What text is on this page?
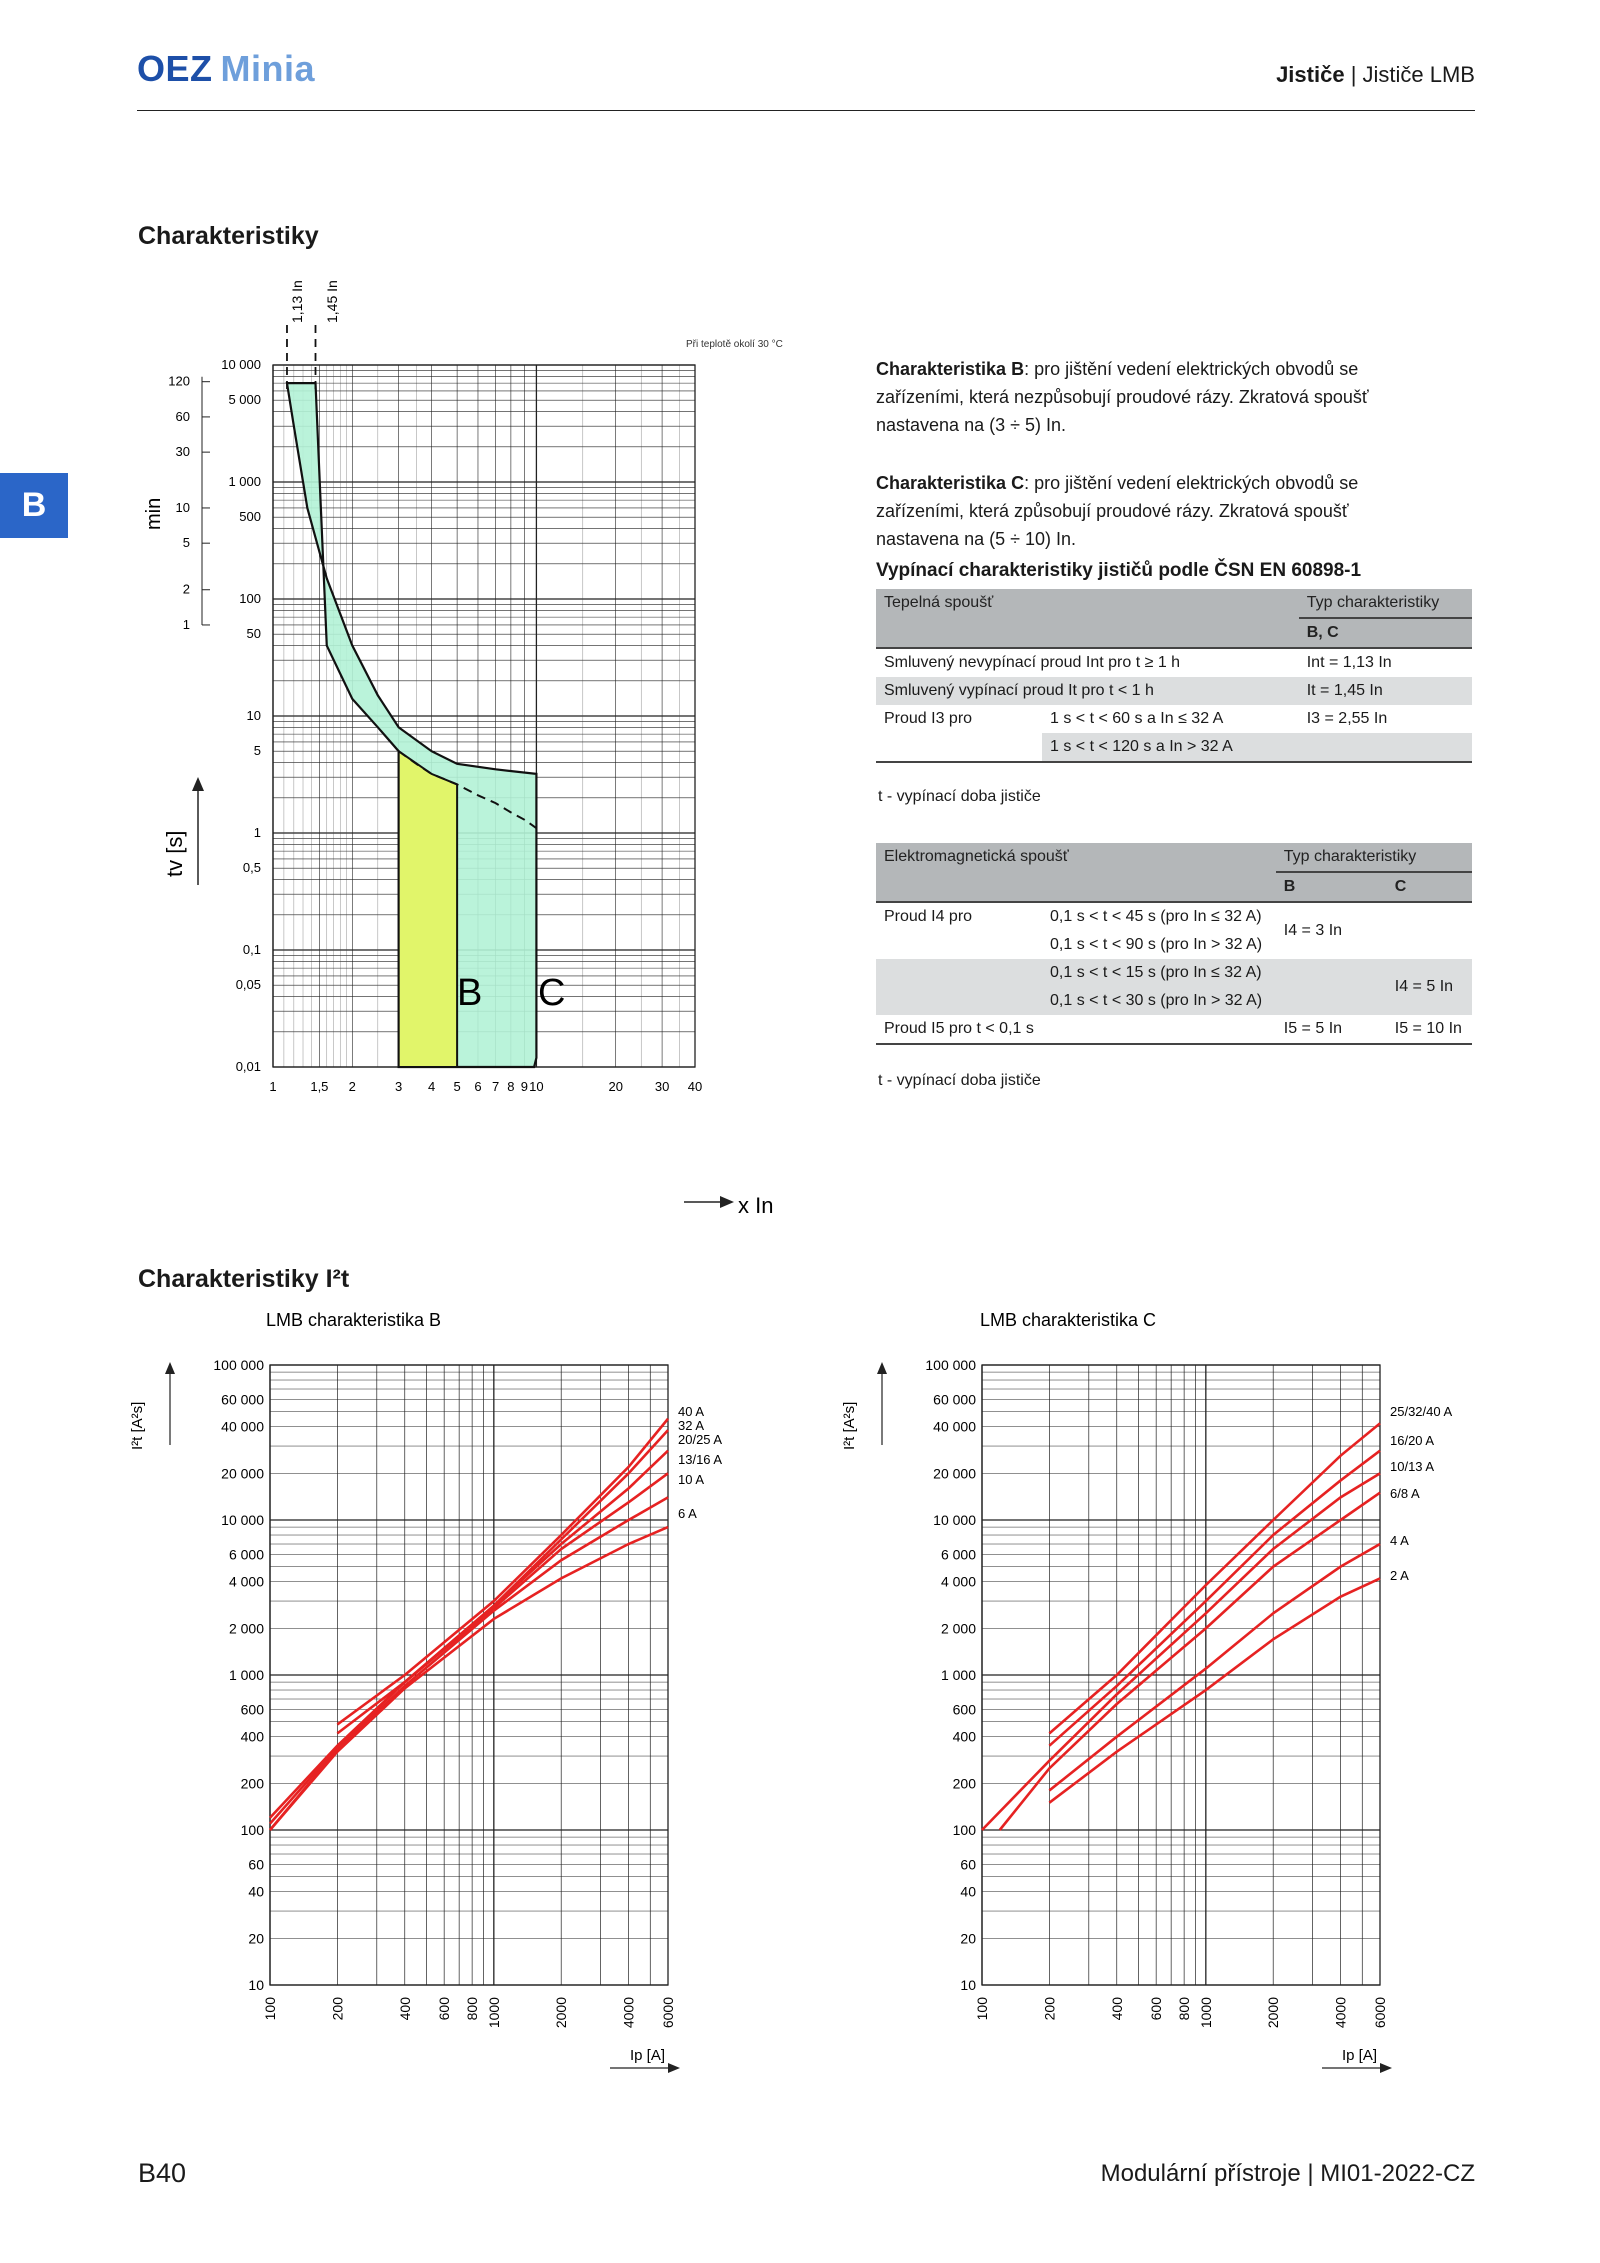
OEZ Minia	Jističe | Jističe LMB
B
Charakteristiky
1	1,5 2	3 4 5 6 7 8 9 10	20 30 40
0,01
0,05
0,1
0,5
1
5
10
50
100
500
1 000
5 000
10 000
1
2
5
10
30
60
120
Při teplotě okolí 30 °C
1,13 In 1,45 In
min
tv [s]
x In
B C

Charakteristika B: pro jištění vedení elektrických obvodů se zařízeními, která nezpůsobují proudové rázy. Zkratová spoušť nastavena na (3 ÷ 5) In.

Charakteristika C: pro jištění vedení elektrických obvodů se zařízeními, která způsobují proudové rázy. Zkratová spoušť nastavena na (5 ÷ 10) In.

Vypínací charakteristiky jističů podle ČSN EN 60898-1
Tepelná spoušť		Typ charakteristiky
		B, C
Smluvený nevypínací proud Int pro t ≥ 1 h		Int = 1,13 In
Smluvený vypínací proud It pro t < 1 h		It = 1,45 In
Proud I3 pro	1 s < t < 60 s a In ≤ 32 A	I3 = 2,55 In
	1 s < t < 120 s a In > 32 A	

t - vypínací doba jističe
Elektromagnetická spoušť		Typ charakteristiky	
		B	C
Proud I4 pro	0,1 s < t < 45 s (pro In ≤ 32 A)	I4 = 3 In	
	0,1 s < t < 90 s (pro In > 32 A)		
	0,1 s < t < 15 s (pro In ≤ 32 A)		I4 = 5 In
	0,1 s < t < 30 s (pro In > 32 A)		
Proud I5 pro t < 0,1 s		I5 = 5 In	I5 = 10 In

t - vypínací doba jističe
Charakteristiky I²t
LMB charakteristika B
I²t [A²s]
Ip [A]
10
20
40
60
100
200
400
600
1 000
2 000
4 000
6 000
10 000
20 000
40 000
60 000
100 000
100	200	400 600 800 1000	2000	4000 6000
40 A
32 A
20/25 A
13/16 A
10 A
6 A
LMB charakteristika C
I²t [A²s]
Ip [A]
10
20
40
60
100
200
400
600
1 000
2 000
4 000
6 000
10 000
20 000
40 000
60 000
100 000
100	200	400 600 800 1000	2000	4000 6000
25/32/40 A
16/20 A
10/13 A
6/8 A
4 A
2 A
B40	Modulární přístroje | MI01-2022-CZ
